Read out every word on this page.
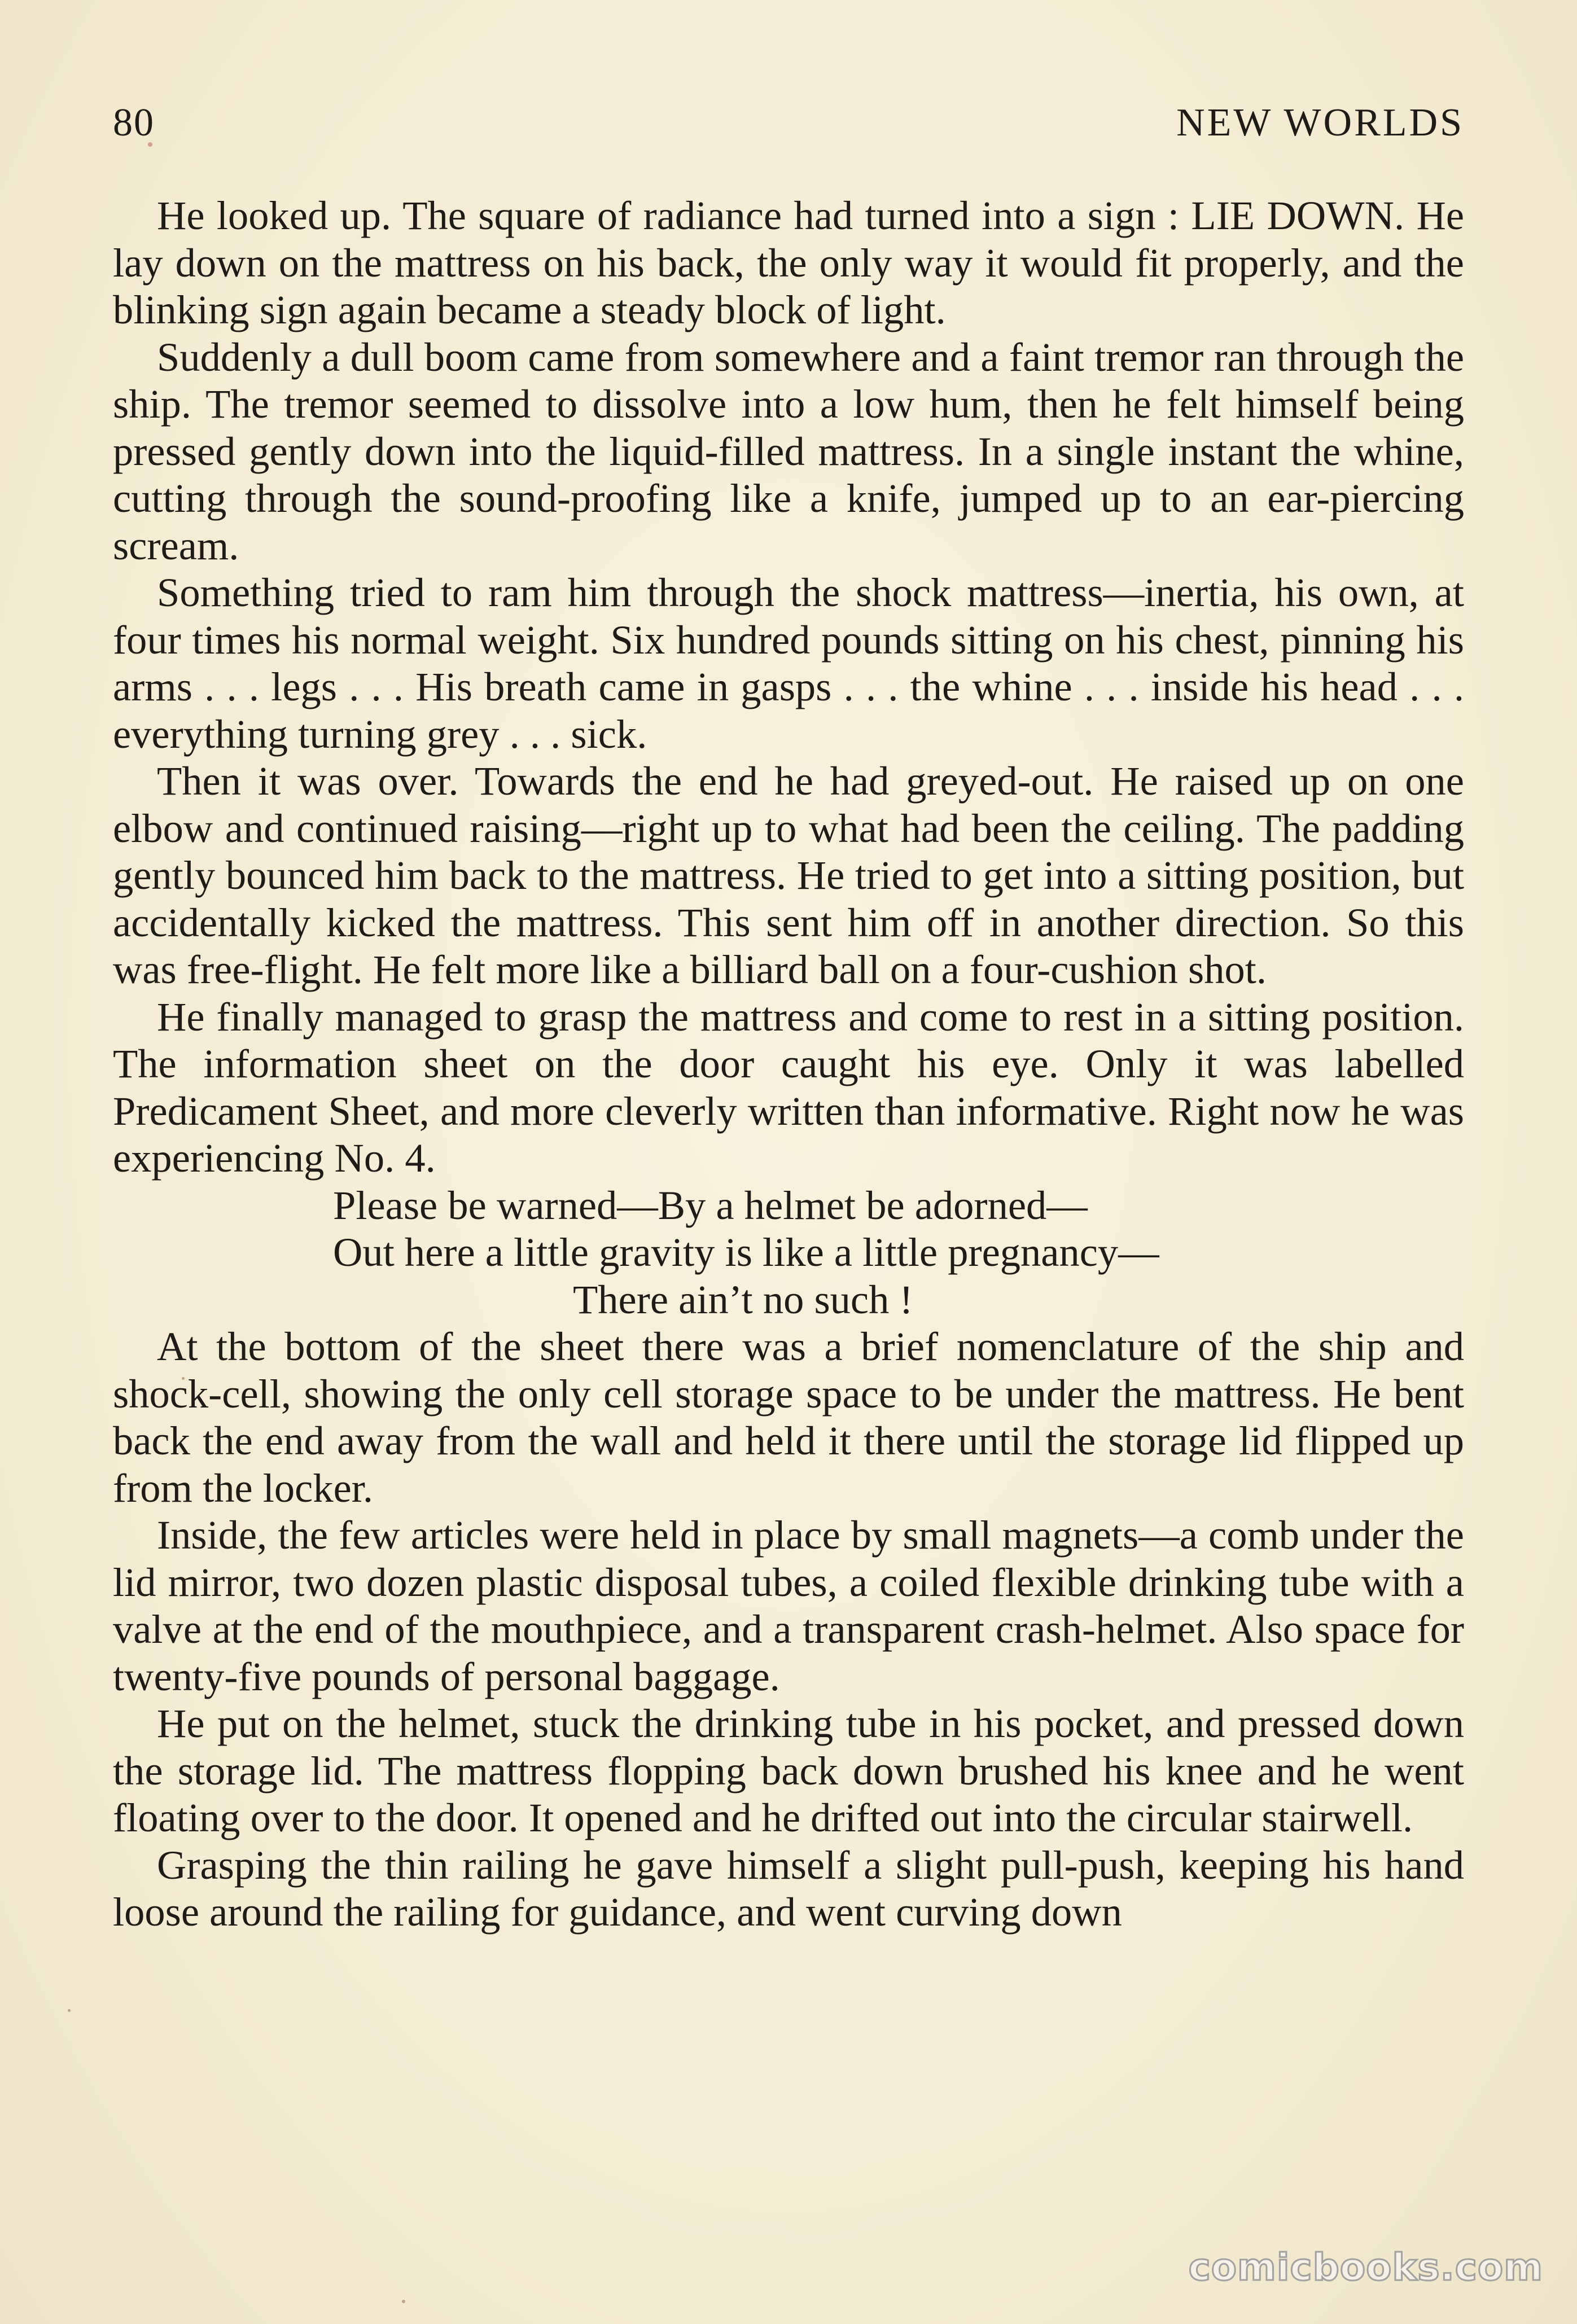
80	NEW WORLDS

He looked up. The square of radiance had turned into a sign : LIE DOWN. He lay down on the mattress on his back, the only way it would fit properly, and the blinking sign again became a steady block of light.

Suddenly a dull boom came from somewhere and a faint tremor ran through the ship. The tremor seemed to dissolve into a low hum, then he felt himself being pressed gently down into the liquid-filled mattress. In a single instant the whine, cutting through the sound-proofing like a knife, jumped up to an ear-piercing scream.

Something tried to ram him through the shock mattress—inertia, his own, at four times his normal weight. Six hundred pounds sitting on his chest, pinning his arms . . . legs . . . His breath came in gasps . . . the whine . . . inside his head . . . everything turning grey . . . sick.

Then it was over. Towards the end he had greyed-out. He raised up on one elbow and continued raising—right up to what had been the ceiling. The padding gently bounced him back to the mattress. He tried to get into a sitting position, but accidentally kicked the mattress. This sent him off in another direction. So this was free-flight. He felt more like a billiard ball on a four-cushion shot.

He finally managed to grasp the mattress and come to rest in a sitting position. The information sheet on the door caught his eye. Only it was labelled Predicament Sheet, and more cleverly written than informative. Right now he was experiencing No. 4.

Please be warned—By a helmet be adorned—
Out here a little gravity is like a little pregnancy—
There ain’t no such !

At the bottom of the sheet there was a brief nomenclature of the ship and shock-cell, showing the only cell storage space to be under the mattress. He bent back the end away from the wall and held it there until the storage lid flipped up from the locker.

Inside, the few articles were held in place by small magnets—a comb under the lid mirror, two dozen plastic disposal tubes, a coiled flexible drinking tube with a valve at the end of the mouthpiece, and a transparent crash-helmet. Also space for twenty-five pounds of personal baggage.

He put on the helmet, stuck the drinking tube in his pocket, and pressed down the storage lid. The mattress flopping back down brushed his knee and he went floating over to the door. It opened and he drifted out into the circular stairwell.

Grasping the thin railing he gave himself a slight pull-push, keeping his hand loose around the railing for guidance, and went curving down

comicbooks.com
